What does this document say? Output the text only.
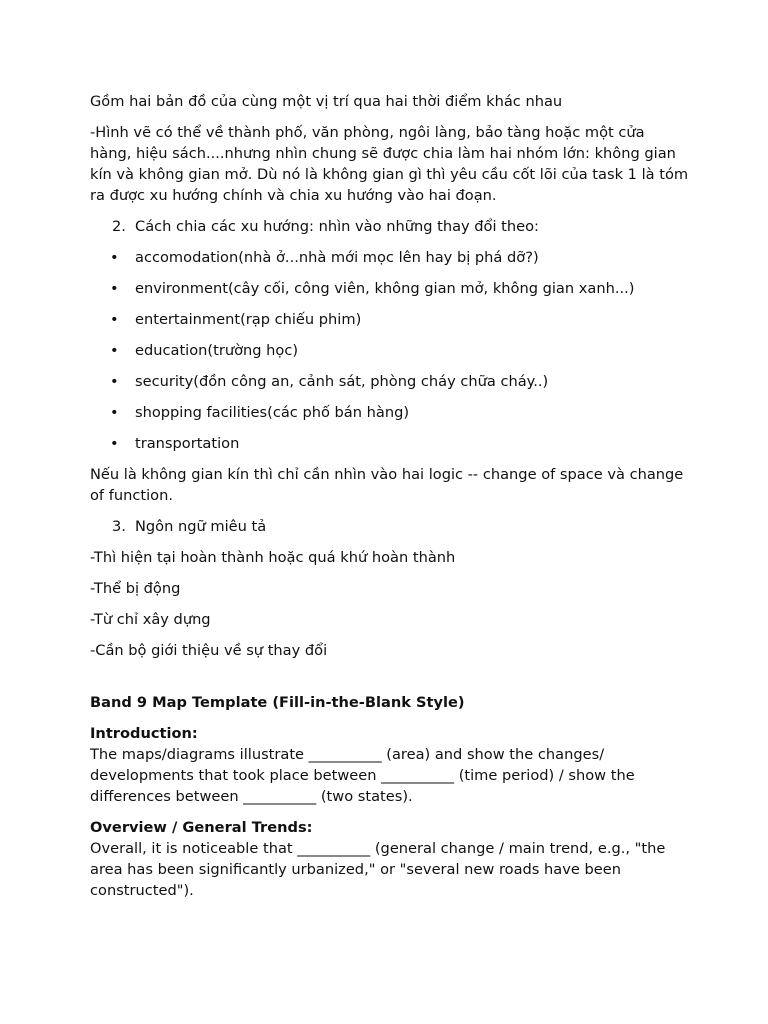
Gồm hai bản đồ của cùng một vị trí qua hai thời điểm khác nhau

-Hình vẽ có thể về thành phố, văn phòng, ngôi làng, bảo tàng hoặc một cửa hàng, hiệu sách....nhưng nhìn chung sẽ được chia làm hai nhóm lớn: không gian kín và không gian mở. Dù nó là không gian gì thì yêu cầu cốt lõi của task 1 là tóm ra được xu hướng chính và chia xu hướng vào hai đoạn.

2. Cách chia các xu hướng: nhìn vào những thay đổi theo:
•	accomodation(nhà ở...nhà mới mọc lên hay bị phá dỡ?)
•	environment(cây cối, công viên, không gian mở, không gian xanh...)
•	entertainment(rạp chiếu phim)
•	education(trường học)
•	security(đồn công an, cảnh sát, phòng cháy chữa cháy..)
•	shopping facilities(các phố bán hàng)
•	transportation

Nếu là không gian kín thì chỉ cần nhìn vào hai logic -- change of space và change of function.

3. Ngôn ngữ miêu tả

-Thì hiện tại hoàn thành hoặc quá khứ hoàn thành

-Thể bị động

-Từ chỉ xây dựng

-Cần bộ giới thiệu về sự thay đổi

Band 9 Map Template (Fill-in-the-Blank Style)

Introduction:
The maps/diagrams illustrate __________ (area) and show the changes/ developments that took place between __________ (time period) / show the differences between __________ (two states).
Overview / General Trends:
Overall, it is noticeable that __________ (general change / main trend, e.g., "the area has been significantly urbanized," or "several new roads have been constructed").
